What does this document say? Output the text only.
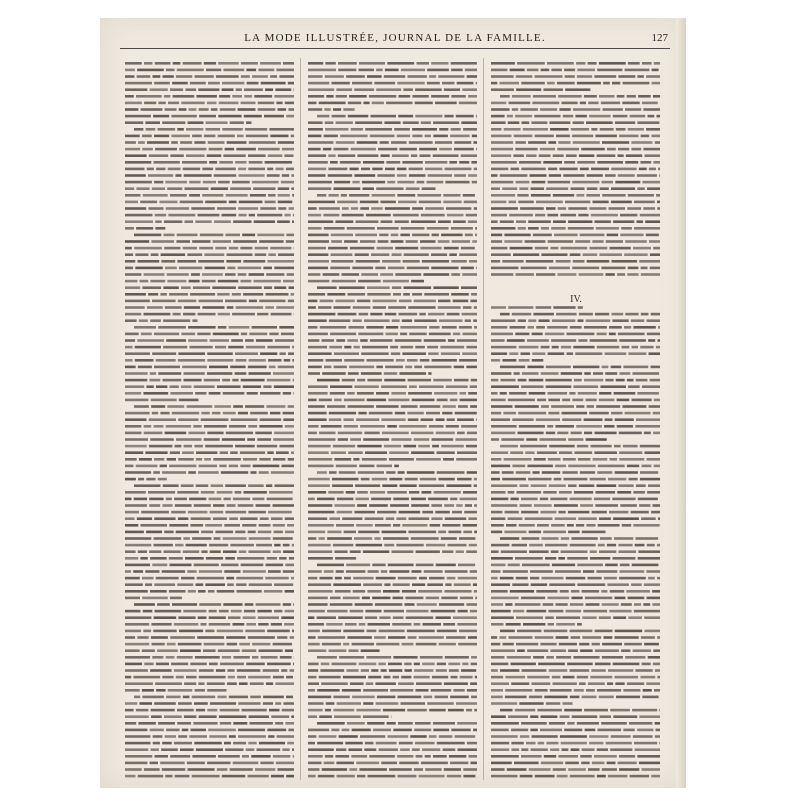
LA MODE ILLUSTRÉE, JOURNAL DE LA FAMILLE.	127
IV.
